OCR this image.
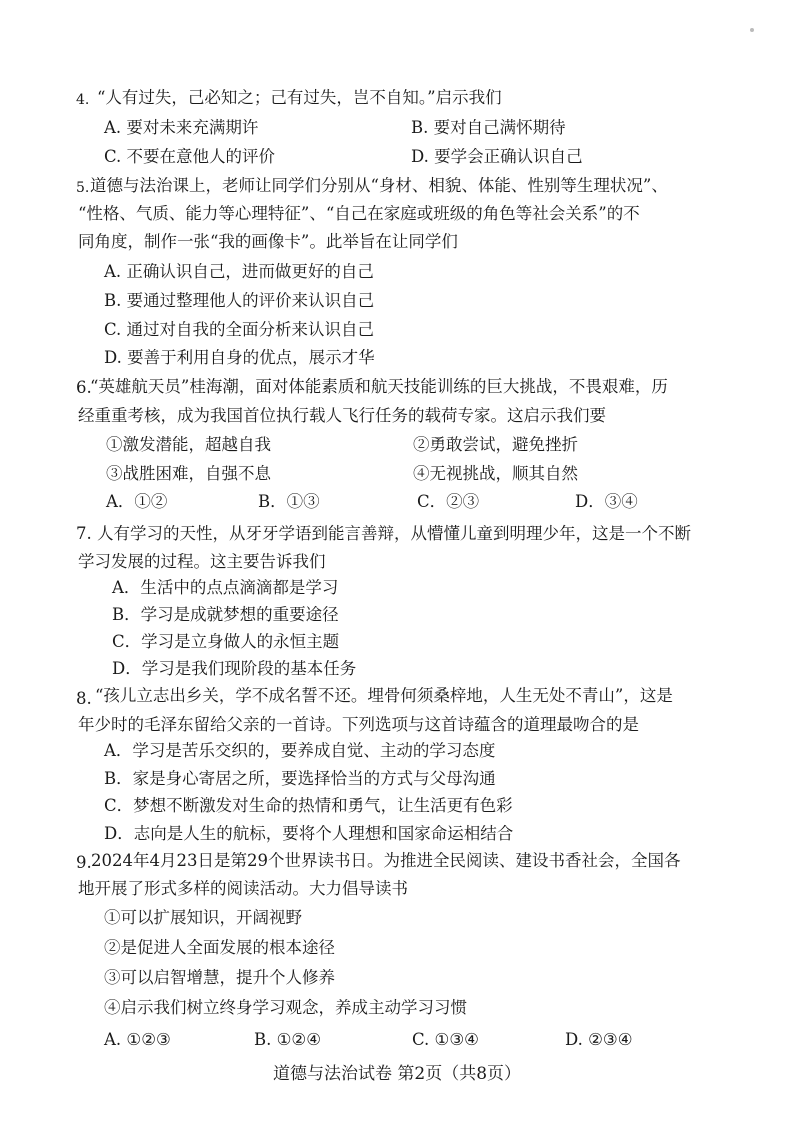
4. “人有过失，己必知之；己有过失，岂不自知。”启示我们
A. 要对未来充满期许	B. 要对自己满怀期待
C. 不要在意他人的评价	D. 要学会正确认识自己
5. 道德与法治课上，老师让同学们分别从“身材、相貌、体能、性别等生理状况”、
“性格、气质、能力等心理特征”、“自己在家庭或班级的角色等社会关系”的不
同角度，制作一张“我的画像卡”。此举旨在让同学们
A. 正确认识自己，进而做更好的自己
B. 要通过整理他人的评价来认识自己
C. 通过对自我的全面分析来认识自己
D. 要善于利用自身的优点，展示才华
6.
“英雄航天员”桂海潮，面对体能素质和航天技能训练的巨大挑战，不畏艰难，历
经重重考核，成为我国首位执行载人飞行任务的载荷专家。这启示我们要
①激发潜能，超越自我	②勇敢尝试，避免挫折
③战胜困难，自强不息	④无视挑战，顺其自然
A．①②	B．①③	C．②③	D．③④
7. 人有学习的天性，从牙牙学语到能言善辩，从懵懂儿童到明理少年，这是一个不断
学习发展的过程。这主要告诉我们
A．生活中的点点滴滴都是学习
B．学习是成就梦想的重要途径
C．学习是立身做人的永恒主题
D．学习是我们现阶段的基本任务
8. “孩儿立志出乡关，学不成名誓不还。埋骨何须桑梓地，人生无处不青山”，这是
年少时的毛泽东留给父亲的一首诗。下列选项与这首诗蕴含的道理最吻合的是
A．学习是苦乐交织的，要养成自觉、主动的学习态度
B．家是身心寄居之所，要选择恰当的方式与父母沟通
C．梦想不断激发对生命的热情和勇气，让生活更有色彩
D．志向是人生的航标，要将个人理想和国家命运相结合
9. 2024年4月23日是第29个世界读书日。为推进全民阅读、建设书香社会，全国各
地开展了形式多样的阅读活动。大力倡导读书
①可以扩展知识，开阔视野
②是促进人全面发展的根本途径
③可以启智增慧，提升个人修养
④启示我们树立终身学习观念，养成主动学习习惯
A. ①②③	B. ①②④	C. ①③④	D. ②③④
道德与法治试卷 第2页（共8页）
